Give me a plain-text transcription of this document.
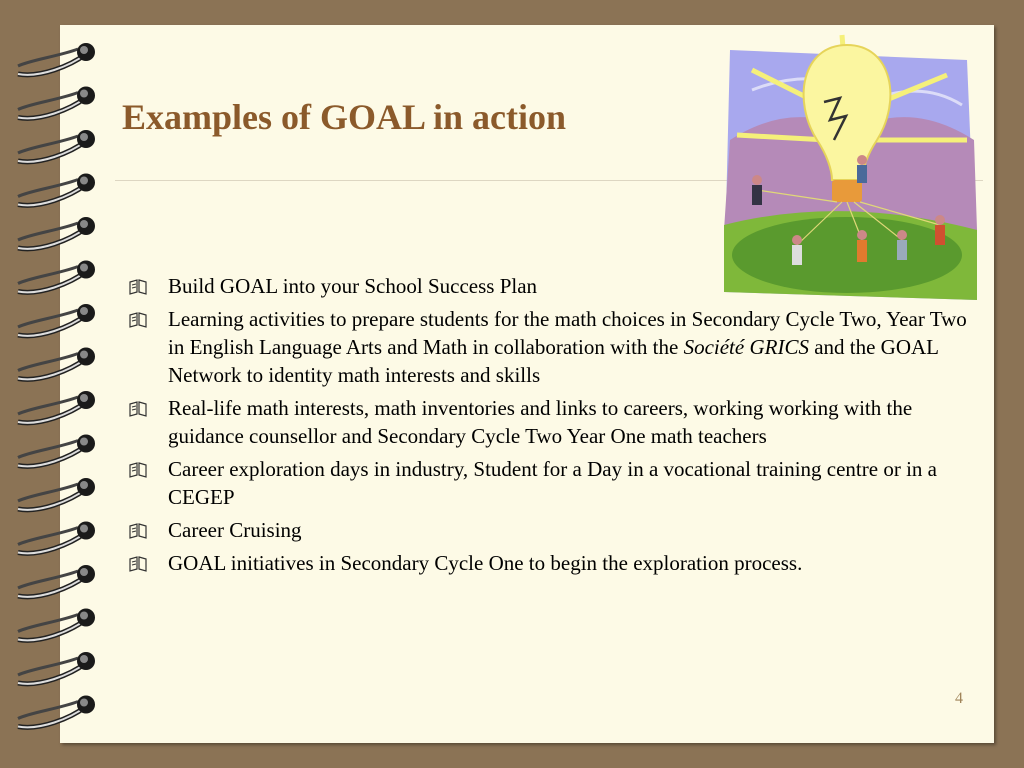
Examples of GOAL in action
Build GOAL into your School Success Plan
Learning activities to prepare students for the math choices in Secondary Cycle Two, Year Two in English Language Arts and Math in collaboration with the Société GRICS and the GOAL Network to identity math interests and skills
Real-life math interests, math inventories and links to careers, working working with the guidance counsellor and Secondary Cycle Two Year One math teachers
Career exploration days in industry, Student for a Day in a vocational training centre or in a CEGEP
Career Cruising
GOAL initiatives in Secondary Cycle One to begin the exploration process.
4
